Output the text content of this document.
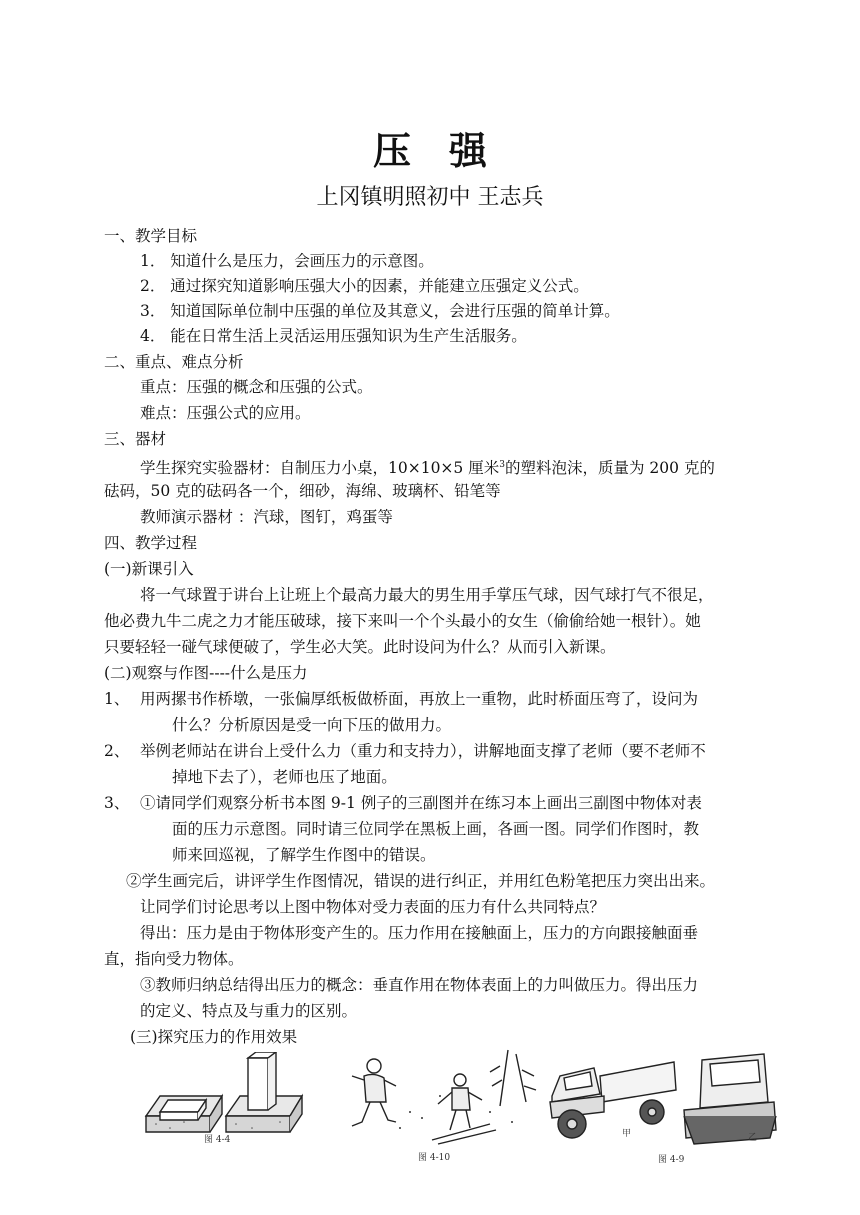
压 强
上冈镇明照初中 王志兵
一、教学目标
1． 知道什么是压力，会画压力的示意图。
2． 通过探究知道影响压强大小的因素，并能建立压强定义公式。
3． 知道国际单位制中压强的单位及其意义，会进行压强的简单计算。
4． 能在日常生活上灵活运用压强知识为生产生活服务。
二、重点、难点分析
重点：压强的概念和压强的公式。
难点：压强公式的应用。
三、器材
学生探究实验器材：自制压力小桌，10×10×5 厘米$^3$的塑料泡沫，质量为 200 克的
砝码，50 克的砝码各一个，细砂，海绵、玻璃杯、铅笔等
教师演示器材 ：汽球，图钉，鸡蛋等
四、教学过程
(一)新课引入
将一气球置于讲台上让班上个最高力最大的男生用手掌压气球，因气球打气不很足，
他必费九牛二虎之力才能压破球，接下来叫一个个头最小的女生（偷偷给她一根针）。她
只要轻轻一碰气球便破了，学生必大笑。此时设问为什么？从而引入新课。
(二)观察与作图----什么是压力
1、 用两摞书作桥墩，一张偏厚纸板做桥面，再放上一重物，此时桥面压弯了，设问为
什么？分析原因是受一向下压的做用力。
2、 举例老师站在讲台上受什么力（重力和支持力），讲解地面支撑了老师（要不老师不
掉地下去了），老师也压了地面。
3、 ①请同学们观察分析书本图 9-1 例子的三副图并在练习本上画出三副图中物体对表
面的压力示意图。同时请三位同学在黑板上画，各画一图。同学们作图时，教
师来回巡视，了解学生作图中的错误。
②学生画完后，讲评学生作图情况，错误的进行纠正，并用红色粉笔把压力突出出来。
让同学们讨论思考以上图中物体对受力表面的压力有什么共同特点？
得出：压力是由于物体形变产生的。压力作用在接触面上，压力的方向跟接触面垂
直，指向受力物体。
③教师归纳总结得出压力的概念：垂直作用在物体表面上的力叫做压力。得出压力
的定义、特点及与重力的区别。
(三)探究压力的作用效果
图 4-4
图 4-10
甲	乙
图 4-9
